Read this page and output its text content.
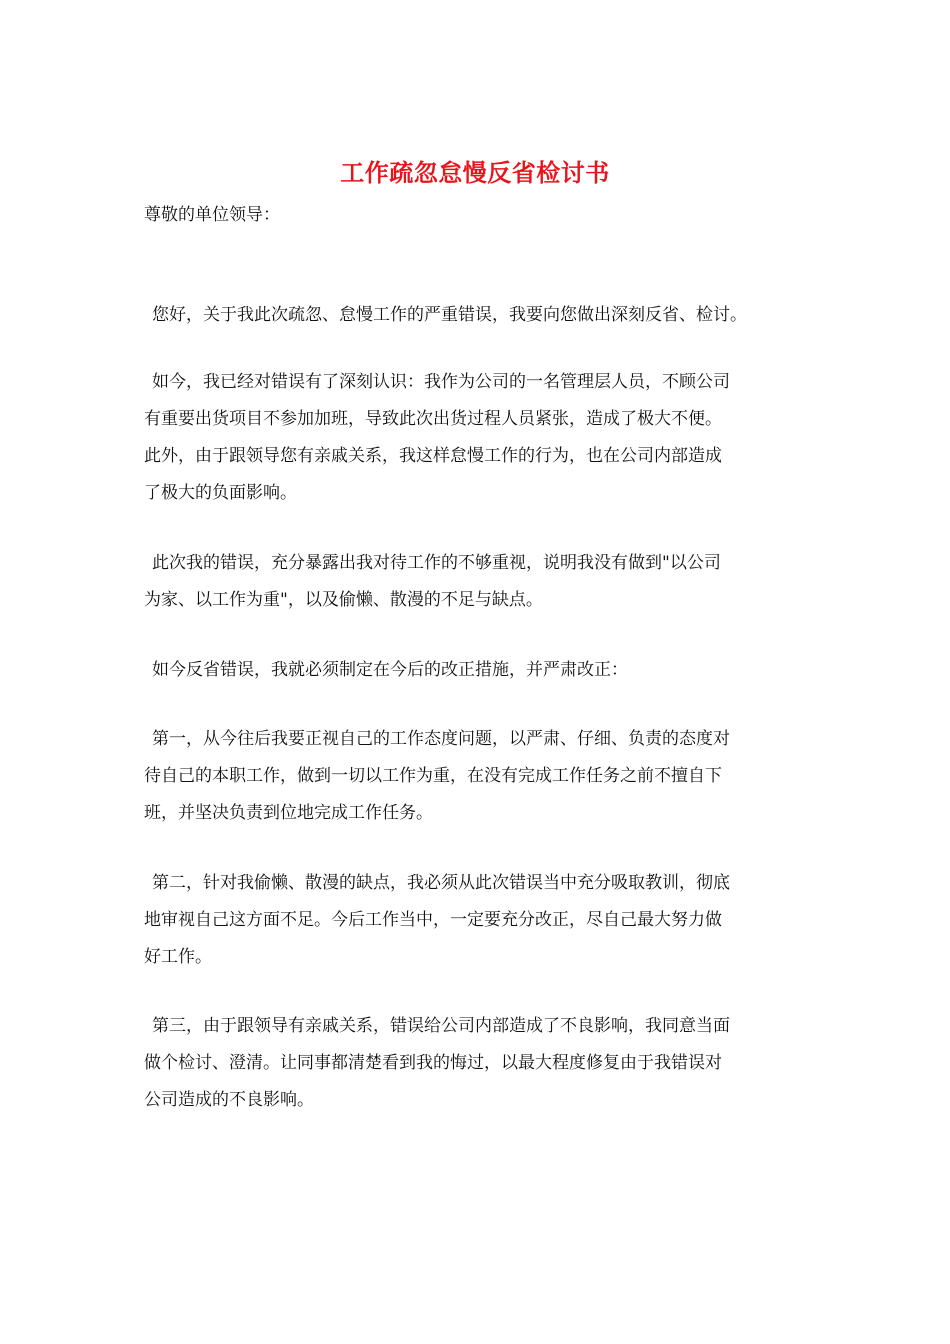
工作疏忽怠慢反省检讨书
尊敬的单位领导：
您好，关于我此次疏忽、怠慢工作的严重错误，我要向您做出深刻反省、检讨。
如今，我已经对错误有了深刻认识：我作为公司的一名管理层人员，不顾公司
有重要出货项目不参加加班，导致此次出货过程人员紧张，造成了极大不便。
此外，由于跟领导您有亲戚关系，我这样怠慢工作的行为，也在公司内部造成
了极大的负面影响。
此次我的错误，充分暴露出我对待工作的不够重视，说明我没有做到"以公司
为家、以工作为重"，以及偷懒、散漫的不足与缺点。
如今反省错误，我就必须制定在今后的改正措施，并严肃改正：
第一，从今往后我要正视自己的工作态度问题，以严肃、仔细、负责的态度对
待自己的本职工作，做到一切以工作为重，在没有完成工作任务之前不擅自下
班，并坚决负责到位地完成工作任务。
第二，针对我偷懒、散漫的缺点，我必须从此次错误当中充分吸取教训，彻底
地审视自己这方面不足。今后工作当中，一定要充分改正，尽自己最大努力做
好工作。
第三，由于跟领导有亲戚关系，错误给公司内部造成了不良影响，我同意当面
做个检讨、澄清。让同事都清楚看到我的悔过，以最大程度修复由于我错误对
公司造成的不良影响。
